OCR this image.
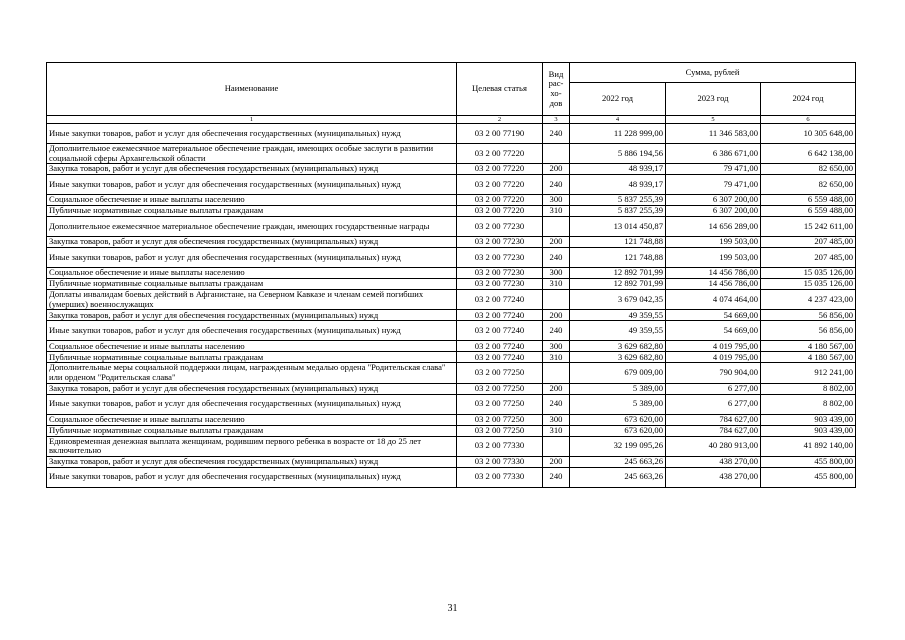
Наименование	Целевая статья	Вид рас- хо- дов	Сумма, рублей		
			2022 год	2023 год	2024 год
1	2	3	4	5	6
Иные закупки товаров, работ и услуг для обеспечения государственных (муниципальных) нужд	03 2 00 77190	240	11 228 999,00	11 346 583,00	10 305 648,00
Дополнительное ежемесячное материальное обеспечение граждан, имеющих особые заслуги в развитии социальной сферы Архангельской области	03 2 00 77220		5 886 194,56	6 386 671,00	6 642 138,00
Закупка товаров, работ и услуг для обеспечения государственных (муниципальных) нужд	03 2 00 77220	200	48 939,17	79 471,00	82 650,00
Иные закупки товаров, работ и услуг для обеспечения государственных (муниципальных) нужд	03 2 00 77220	240	48 939,17	79 471,00	82 650,00
Социальное обеспечение и иные выплаты населению	03 2 00 77220	300	5 837 255,39	6 307 200,00	6 559 488,00
Публичные нормативные социальные выплаты гражданам	03 2 00 77220	310	5 837 255,39	6 307 200,00	6 559 488,00
Дополнительное ежемесячное материальное обеспечение граждан, имеющих государственные награды	03 2 00 77230		13 014 450,87	14 656 289,00	15 242 611,00
Закупка товаров, работ и услуг для обеспечения государственных (муниципальных) нужд	03 2 00 77230	200	121 748,88	199 503,00	207 485,00
Иные закупки товаров, работ и услуг для обеспечения государственных (муниципальных) нужд	03 2 00 77230	240	121 748,88	199 503,00	207 485,00
Социальное обеспечение и иные выплаты населению	03 2 00 77230	300	12 892 701,99	14 456 786,00	15 035 126,00
Публичные нормативные социальные выплаты гражданам	03 2 00 77230	310	12 892 701,99	14 456 786,00	15 035 126,00
Доплаты инвалидам боевых действий в Афганистане, на Северном Кавказе и членам семей погибших (умерших) военнослужащих	03 2 00 77240		3 679 042,35	4 074 464,00	4 237 423,00
Закупка товаров, работ и услуг для обеспечения государственных (муниципальных) нужд	03 2 00 77240	200	49 359,55	54 669,00	56 856,00
Иные закупки товаров, работ и услуг для обеспечения государственных (муниципальных) нужд	03 2 00 77240	240	49 359,55	54 669,00	56 856,00
Социальное обеспечение и иные выплаты населению	03 2 00 77240	300	3 629 682,80	4 019 795,00	4 180 567,00
Публичные нормативные социальные выплаты гражданам	03 2 00 77240	310	3 629 682,80	4 019 795,00	4 180 567,00
Дополнительные меры социальной поддержки лицам, награжденным медалью ордена "Родительская слава" или орденом "Родительская слава"	03 2 00 77250		679 009,00	790 904,00	912 241,00
Закупка товаров, работ и услуг для обеспечения государственных (муниципальных) нужд	03 2 00 77250	200	5 389,00	6 277,00	8 802,00
Иные закупки товаров, работ и услуг для обеспечения государственных (муниципальных) нужд	03 2 00 77250	240	5 389,00	6 277,00	8 802,00
Социальное обеспечение и иные выплаты населению	03 2 00 77250	300	673 620,00	784 627,00	903 439,00
Публичные нормативные социальные выплаты гражданам	03 2 00 77250	310	673 620,00	784 627,00	903 439,00
Единовременная денежная выплата женщинам, родившим первого ребенка в возрасте от 18 до 25 лет включительно	03 2 00 77330		32 199 095,26	40 280 913,00	41 892 140,00
Закупка товаров, работ и услуг для обеспечения государственных (муниципальных) нужд	03 2 00 77330	200	245 663,26	438 270,00	455 800,00
Иные закупки товаров, работ и услуг для обеспечения государственных (муниципальных) нужд	03 2 00 77330	240	245 663,26	438 270,00	455 800,00
31
